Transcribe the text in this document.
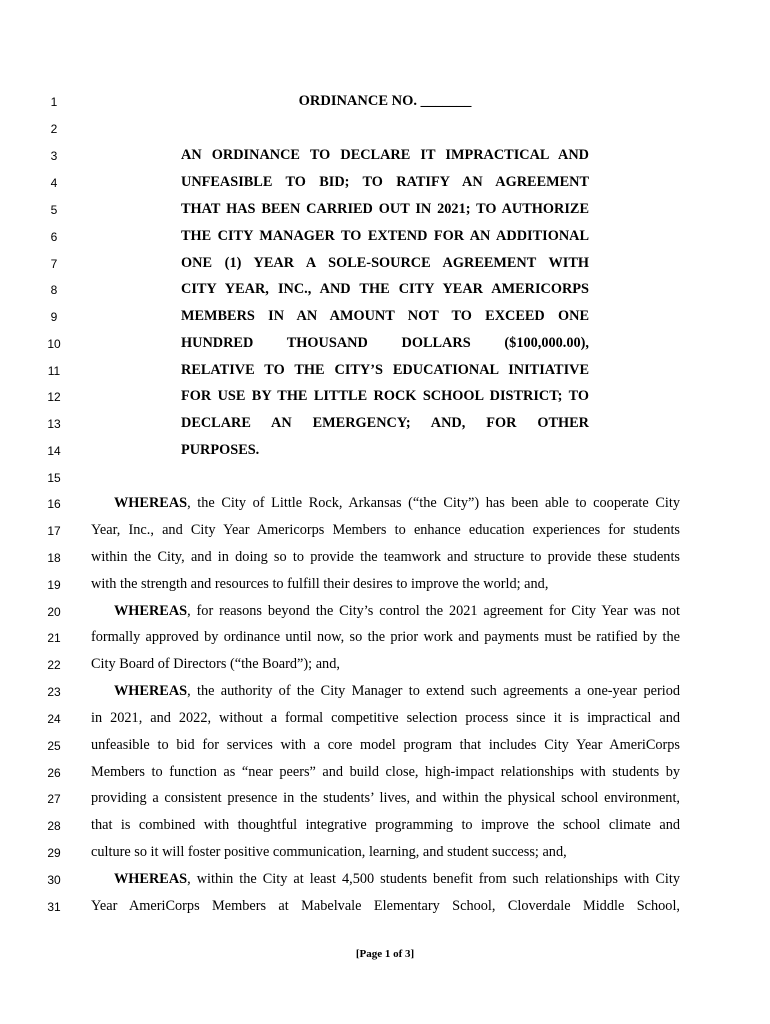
1
2
3
4
5
6
7
8
9
10
11
12
13
14
15
16
17
18
19
20
21
22
23
24
25
26
27
28
29
30
31
ORDINANCE NO. _______
AN ORDINANCE TO DECLARE IT IMPRACTICAL AND
UNFEASIBLE TO BID; TO RATIFY AN AGREEMENT
THAT HAS BEEN CARRIED OUT IN 2021; TO AUTHORIZE
THE CITY MANAGER TO EXTEND FOR AN ADDITIONAL
ONE (1) YEAR A SOLE-SOURCE AGREEMENT WITH
CITY YEAR, INC., AND THE CITY YEAR AMERICORPS
MEMBERS IN AN AMOUNT NOT TO EXCEED ONE
HUNDRED THOUSAND DOLLARS ($100,000.00),
RELATIVE TO THE CITY’S EDUCATIONAL INITIATIVE
FOR USE BY THE LITTLE ROCK SCHOOL DISTRICT; TO
DECLARE AN EMERGENCY; AND, FOR OTHER
PURPOSES.
WHEREAS, the City of Little Rock, Arkansas (“the City”) has been able to cooperate City
Year, Inc., and City Year Americorps Members to enhance education experiences for students
within the City, and in doing so to provide the teamwork and structure to provide these students
with the strength and resources to fulfill their desires to improve the world; and,
WHEREAS, for reasons beyond the City’s control the 2021 agreement for City Year was not
formally approved by ordinance until now, so the prior work and payments must be ratified by the
City Board of Directors (“the Board”); and,
WHEREAS, the authority of the City Manager to extend such agreements a one-year period
in 2021, and 2022, without a formal competitive selection process since it is impractical and
unfeasible to bid for services with a core model program that includes City Year AmeriCorps
Members to function as “near peers” and build close, high-impact relationships with students by
providing a consistent presence in the students’ lives, and within the physical school environment,
that is combined with thoughtful integrative programming to improve the school climate and
culture so it will foster positive communication, learning, and student success; and,
WHEREAS, within the City at least 4,500 students benefit from such relationships with City
Year AmeriCorps Members at Mabelvale Elementary School, Cloverdale Middle School,
[Page 1 of 3]
